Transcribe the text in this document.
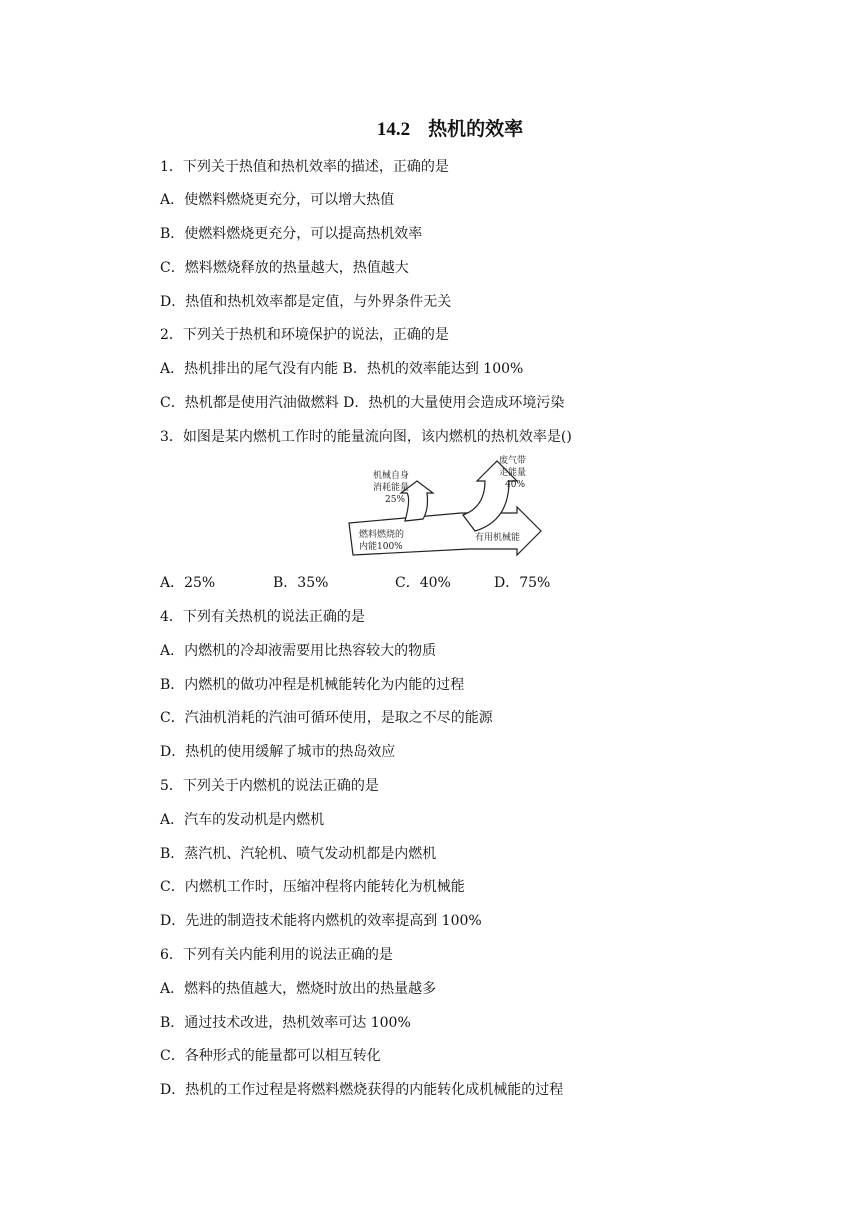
14.2 热机的效率
1．下列关于热值和热机效率的描述，正确的是
A．使燃料燃烧更充分，可以增大热值
B．使燃料燃烧更充分，可以提高热机效率
C．燃料燃烧释放的热量越大，热值越大
D．热值和热机效率都是定值，与外界条件无关
2．下列关于热机和环境保护的说法，正确的是
A．热机排出的尾气没有内能 B．热机的效率能达到 100%
C．热机都是使用汽油做燃料 D．热机的大量使用会造成环境污染
3．如图是某内燃机工作时的能量流向图，该内燃机的热机效率是()
机械自身
消耗能量
25%
废气带
走能量
40%
燃料燃烧的
内能100%
有用机械能
A．25%	B．35%	C．40%	D．75%
4．下列有关热机的说法正确的是
A．内燃机的冷却液需要用比热容较大的物质
B．内燃机的做功冲程是机械能转化为内能的过程
C．汽油机消耗的汽油可循环使用，是取之不尽的能源
D．热机的使用缓解了城市的热岛效应
5．下列关于内燃机的说法正确的是
A．汽车的发动机是内燃机
B．蒸汽机、汽轮机、喷气发动机都是内燃机
C．内燃机工作时，压缩冲程将内能转化为机械能
D．先进的制造技术能将内燃机的效率提高到 100%
6．下列有关内能利用的说法正确的是
A．燃料的热值越大，燃烧时放出的热量越多
B．通过技术改进，热机效率可达 100%
C．各种形式的能量都可以相互转化
D．热机的工作过程是将燃料燃烧获得的内能转化成机械能的过程
